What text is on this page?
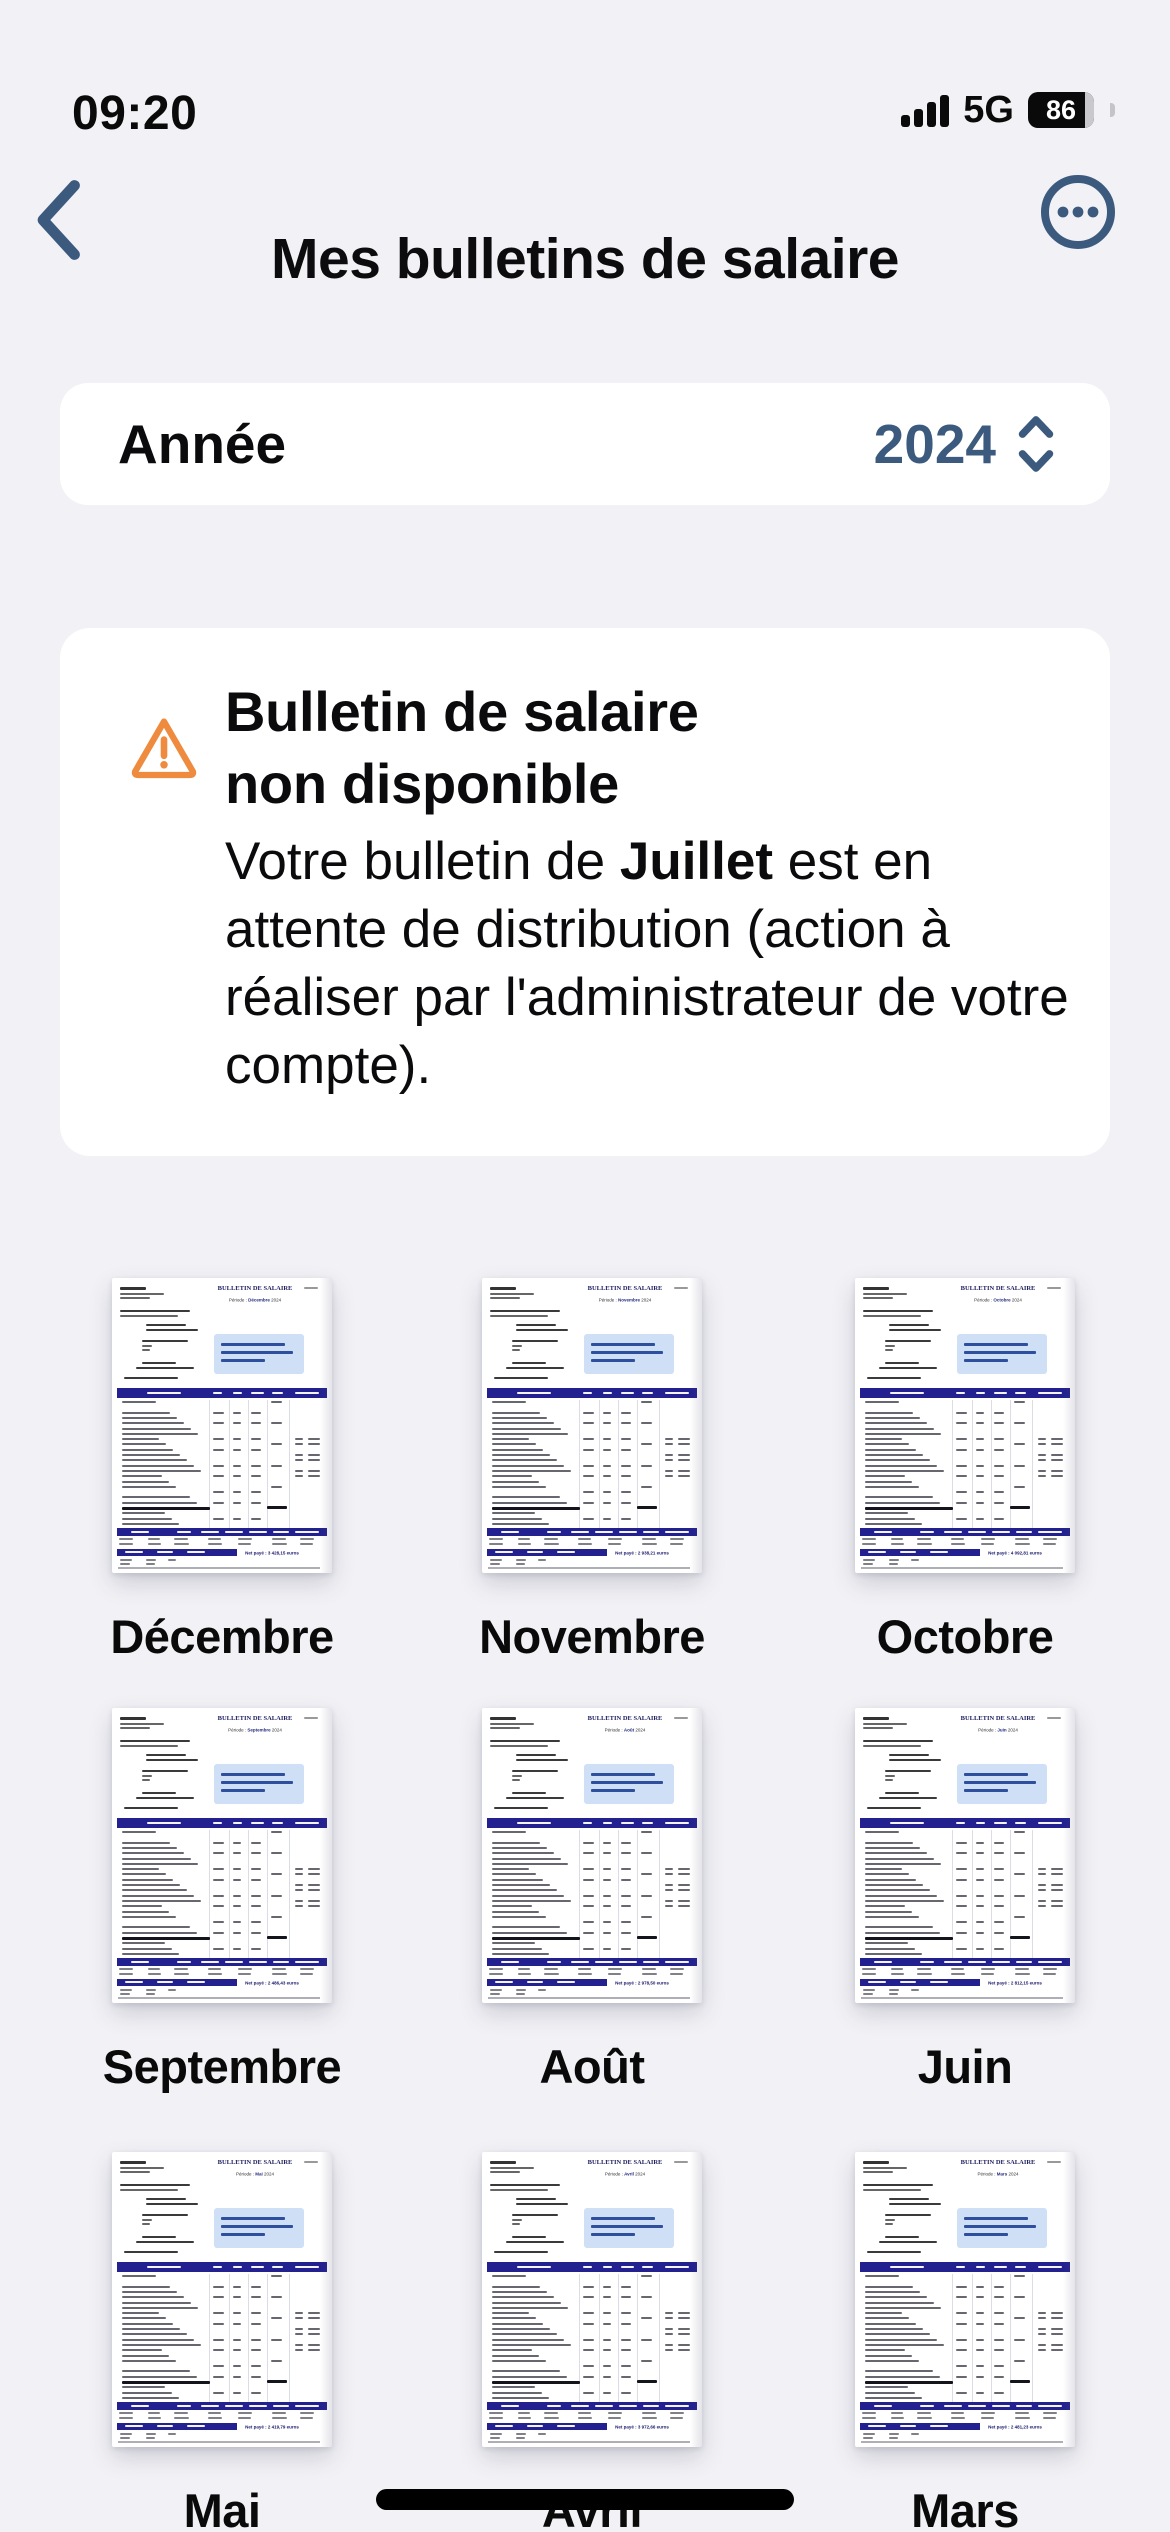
09:20	5G 86
Mes bulletins de salaire
Année	2024
Bulletin de salaire
non disponible
Votre bulletin de Juillet est en attente de distribution (action à réaliser par l'administrateur de votre compte).
BULLETIN DE SALAIRE
Période : Décembre 2024
Net payé : 3 428,15 euros
Décembre
BULLETIN DE SALAIRE
Période : Novembre 2024
Net payé : 2 938,21 euros
Novembre
BULLETIN DE SALAIRE
Période : Octobre 2024
Net payé : 4 092,81 euros
Octobre
BULLETIN DE SALAIRE
Période : Septembre 2024
Net payé : 2 486,43 euros
Septembre
BULLETIN DE SALAIRE
Période : Août 2024
Net payé : 2 978,50 euros
Août
BULLETIN DE SALAIRE
Période : Juin 2024
Net payé : 2 812,15 euros
Juin
BULLETIN DE SALAIRE
Période : Mai 2024
Net payé : 2 419,79 euros
Mai
BULLETIN DE SALAIRE
Période : Avril 2024
Net payé : 3 972,66 euros
BULLETIN DE SALAIRE
Période : Mars 2024
Net payé : 2 481,23 euros
Mars
